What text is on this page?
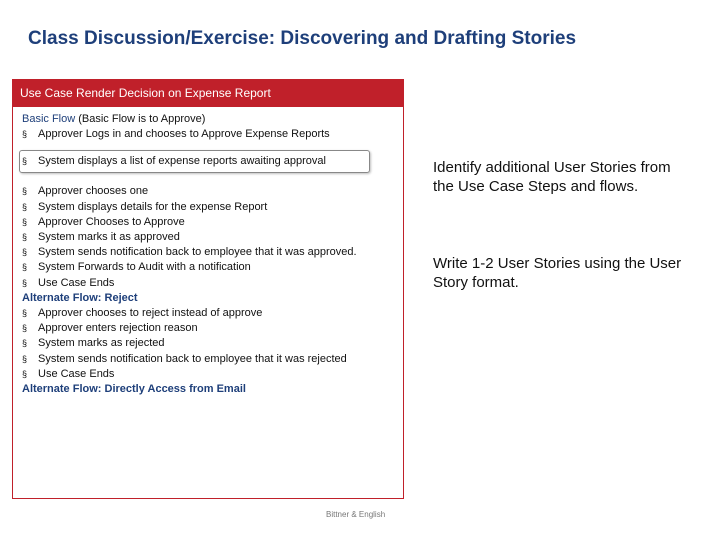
Class Discussion/Exercise: Discovering and Drafting Stories
Use Case Render Decision on Expense Report
Basic Flow (Basic Flow is to Approve)
§ Approver Logs in and chooses to Approve Expense Reports
§ System displays a list of expense reports awaiting approval
§ Approver chooses one
§ System displays details for the expense Report
§ Approver Chooses to Approve
§ System marks it as approved
§ System sends notification back to employee that it was approved.
§ System Forwards to Audit with a notification
§ Use Case Ends
Alternate Flow: Reject
§ Approver chooses to reject instead of approve
§ Approver enters rejection reason
§ System marks as rejected
§ System sends notification back to employee that it was rejected
§ Use Case Ends
Alternate Flow: Directly Access from Email
Identify additional User Stories from the Use Case Steps and flows.
Write 1-2 User Stories using the User Story format.
Bittner & English
